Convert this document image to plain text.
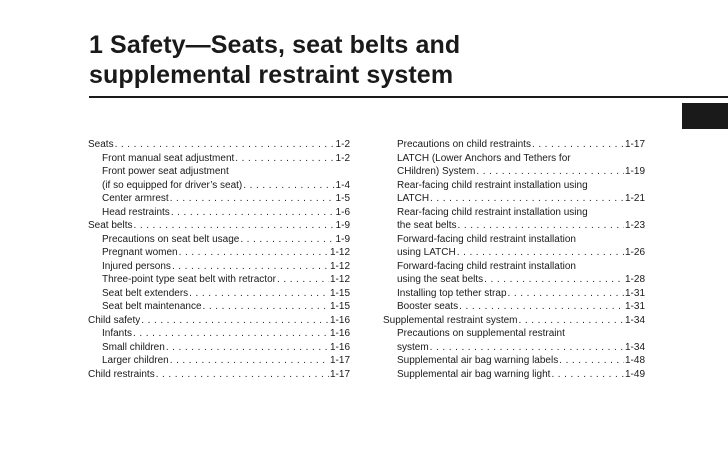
1 Safety—Seats, seat belts and
supplemental restraint system
Seats . . .	1-2
Front manual seat adjustment . . .	1-2
Front power seat adjustment
(if so equipped for driver’s seat) . . .	1-4
Center armrest . . .	1-5
Head restraints . . .	1-6
Seat belts . . .	1-9
Precautions on seat belt usage . . .	1-9
Pregnant women . . .	1-12
Injured persons . . .	1-12
Three-point type seat belt with retractor . . .	1-12
Seat belt extenders . . .	1-15
Seat belt maintenance . . .	1-15
Child safety . . .	1-16
Infants . . .	1-16
Small children . . .	1-16
Larger children . . .	1-17
Child restraints . . .	1-17
Precautions on child restraints . . .	1-17
LATCH (Lower Anchors and Tethers for
CHildren) System . . .	1-19
Rear-facing child restraint installation using
LATCH . . .	1-21
Rear-facing child restraint installation using
the seat belts . . .	1-23
Forward-facing child restraint installation
using LATCH . . .	1-26
Forward-facing child restraint installation
using the seat belts . . .	1-28
Installing top tether strap . . .	1-31
Booster seats . . .	1-31
Supplemental restraint system . . .	1-34
Precautions on supplemental restraint
system . . .	1-34
Supplemental air bag warning labels . . .	1-48
Supplemental air bag warning light . . .	1-49
